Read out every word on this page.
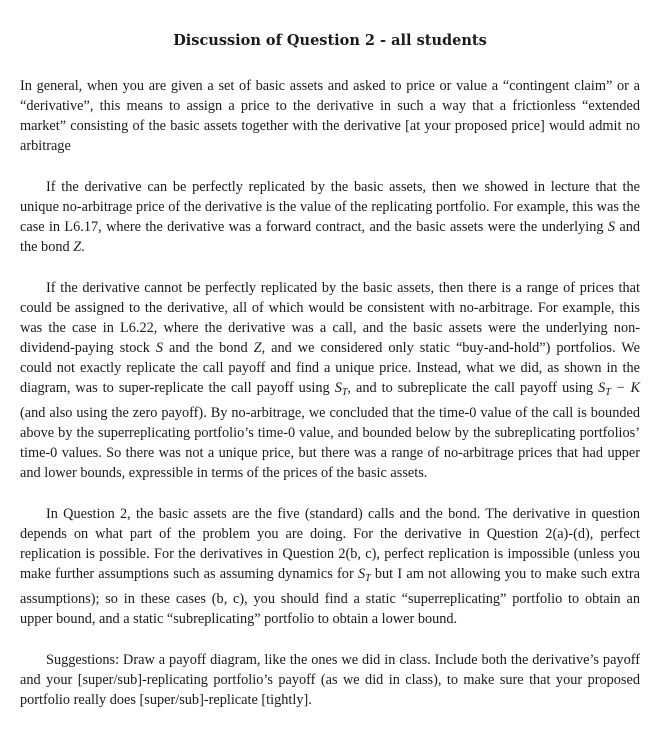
Discussion of Question 2 - all students

In general, when you are given a set of basic assets and asked to price or value a “contingent claim” or a “derivative”, this means to assign a price to the derivative in such a way that a frictionless “extended market” consisting of the basic assets together with the derivative [at your proposed price] would admit no arbitrage

If the derivative can be perfectly replicated by the basic assets, then we showed in lecture that the unique no-arbitrage price of the derivative is the value of the replicating portfolio. For example, this was the case in L6.17, where the derivative was a forward contract, and the basic assets were the underlying S and the bond Z.

If the derivative cannot be perfectly replicated by the basic assets, then there is a range of prices that could be assigned to the derivative, all of which would be consistent with no-arbitrage. For example, this was the case in L6.22, where the derivative was a call, and the basic assets were the underlying non-dividend-paying stock S and the bond Z, and we considered only static “buy-and-hold”) portfolios. We could not exactly replicate the call payoff and find a unique price. Instead, what we did, as shown in the diagram, was to super-replicate the call payoff using $S_T$, and to subreplicate the call payoff using $S_T - K$ (and also using the zero payoff). By no-arbitrage, we concluded that the time-0 value of the call is bounded above by the superreplicating portfolio’s time-0 value, and bounded below by the subreplicating portfolios’ time-0 values. So there was not a unique price, but there was a range of no-arbitrage prices that had upper and lower bounds, expressible in terms of the prices of the basic assets.

In Question 2, the basic assets are the five (standard) calls and the bond. The derivative in question depends on what part of the problem you are doing. For the derivative in Question 2(a)-(d), perfect replication is possible. For the derivatives in Question 2(b, c), perfect replication is impossible (unless you make further assumptions such as assuming dynamics for $S_T$ but I am not allowing you to make such extra assumptions); so in these cases (b, c), you should find a static “superreplicating” portfolio to obtain an upper bound, and a static “subreplicating” portfolio to obtain a lower bound.

Suggestions: Draw a payoff diagram, like the ones we did in class. Include both the derivative’s payoff and your [super/sub]-replicating portfolio’s payoff (as we did in class), to make sure that your proposed portfolio really does [super/sub]-replicate [tightly].
